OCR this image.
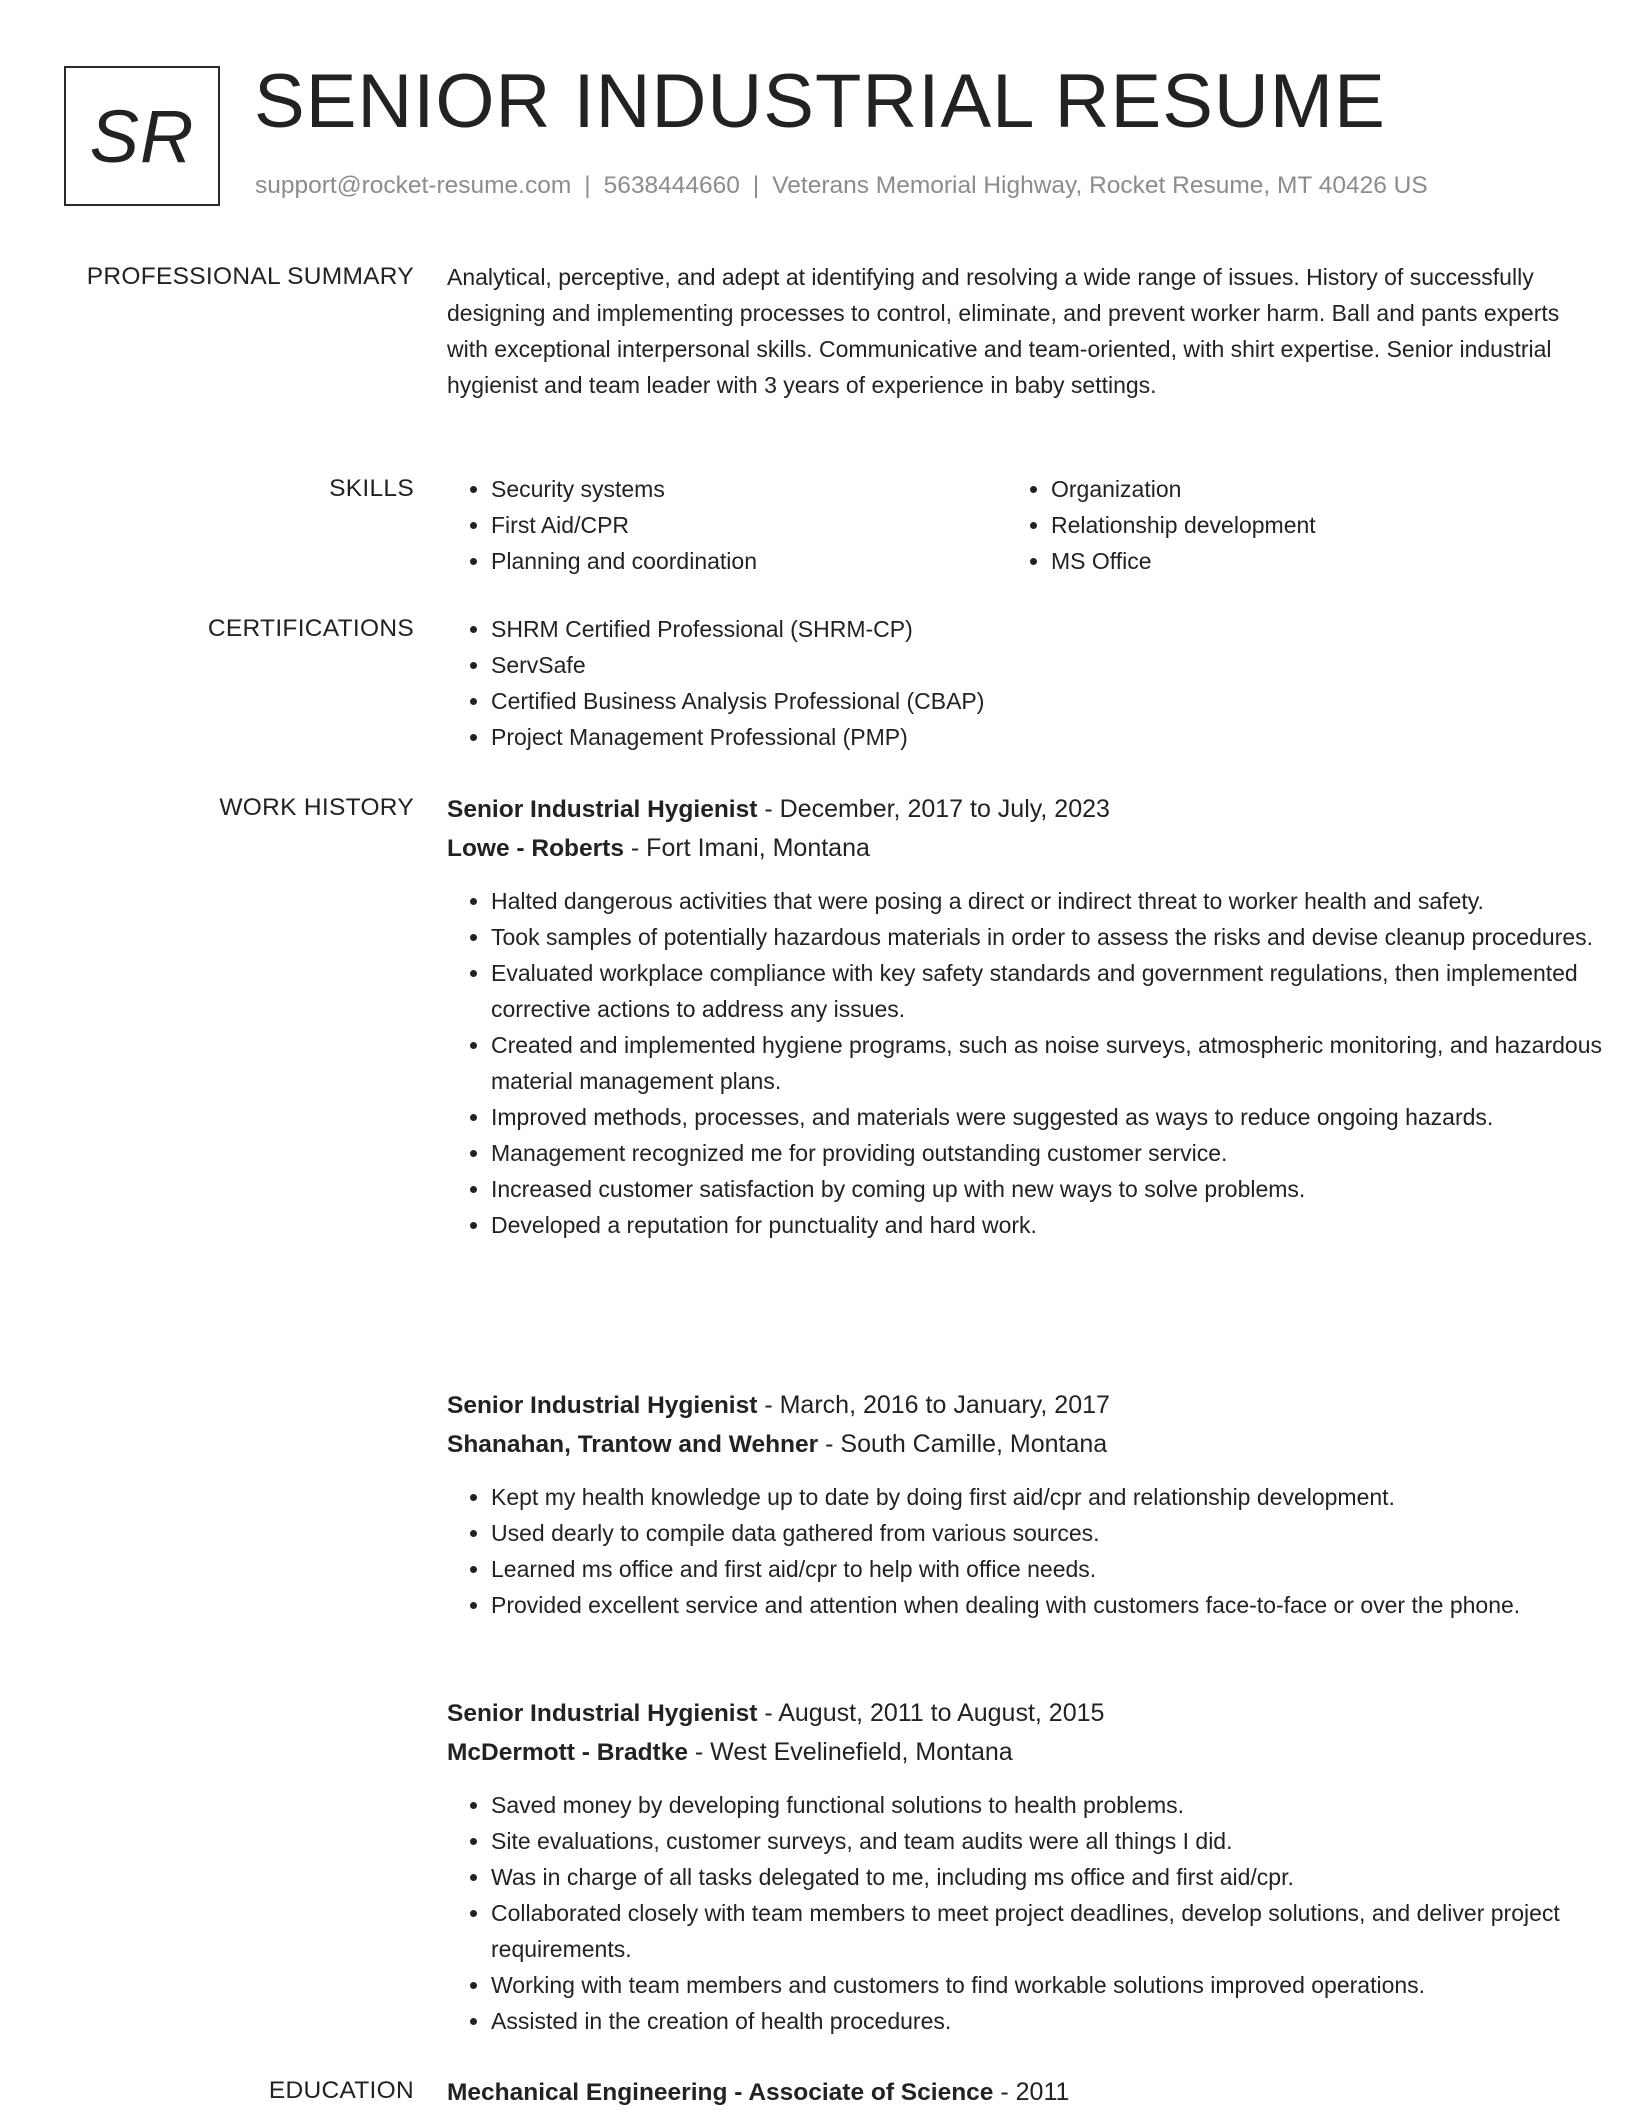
SR SENIOR INDUSTRIAL RESUME
support@rocket-resume.com | 5638444660 | Veterans Memorial Highway, Rocket Resume, MT 40426 US
PROFESSIONAL SUMMARY Analytical, perceptive, and adept at identifying and resolving a wide range of issues. History of successfully designing and implementing processes to control, eliminate, and prevent worker harm. Ball and pants experts with exceptional interpersonal skills. Communicative and team-oriented, with shirt expertise. Senior industrial hygienist and team leader with 3 years of experience in baby settings.

SKILLS	• Security systems
• First Aid/CPR
• Planning and coordination
• Organization
• Relationship development
• MS Office
CERTIFICATIONS	• SHRM Certified Professional (SHRM-CP)
• ServSafe
• Certified Business Analysis Professional (CBAP)
• Project Management Professional (PMP)
WORK HISTORY Senior Industrial Hygienist - December, 2017 to July, 2023
Lowe - Roberts - Fort Imani, Montana
• Halted dangerous activities that were posing a direct or indirect threat to worker health and safety.
• Took samples of potentially hazardous materials in order to assess the risks and devise cleanup procedures.
• Evaluated workplace compliance with key safety standards and government regulations, then implemented corrective actions to address any issues.
• Created and implemented hygiene programs, such as noise surveys, atmospheric monitoring, and hazardous material management plans.
• Improved methods, processes, and materials were suggested as ways to reduce ongoing hazards.
• Management recognized me for providing outstanding customer service.
• Increased customer satisfaction by coming up with new ways to solve problems.
• Developed a reputation for punctuality and hard work.
Senior Industrial Hygienist - March, 2016 to January, 2017
Shanahan, Trantow and Wehner - South Camille, Montana
• Kept my health knowledge up to date by doing first aid/cpr and relationship development.
• Used dearly to compile data gathered from various sources.
• Learned ms office and first aid/cpr to help with office needs.
• Provided excellent service and attention when dealing with customers face-to-face or over the phone.
Senior Industrial Hygienist - August, 2011 to August, 2015
McDermott - Bradtke - West Evelinefield, Montana
• Saved money by developing functional solutions to health problems.
• Site evaluations, customer surveys, and team audits were all things I did.
• Was in charge of all tasks delegated to me, including ms office and first aid/cpr.
• Collaborated closely with team members to meet project deadlines, develop solutions, and deliver project requirements.
• Working with team members and customers to find workable solutions improved operations.
• Assisted in the creation of health procedures.
EDUCATION Mechanical Engineering - Associate of Science - 2011
